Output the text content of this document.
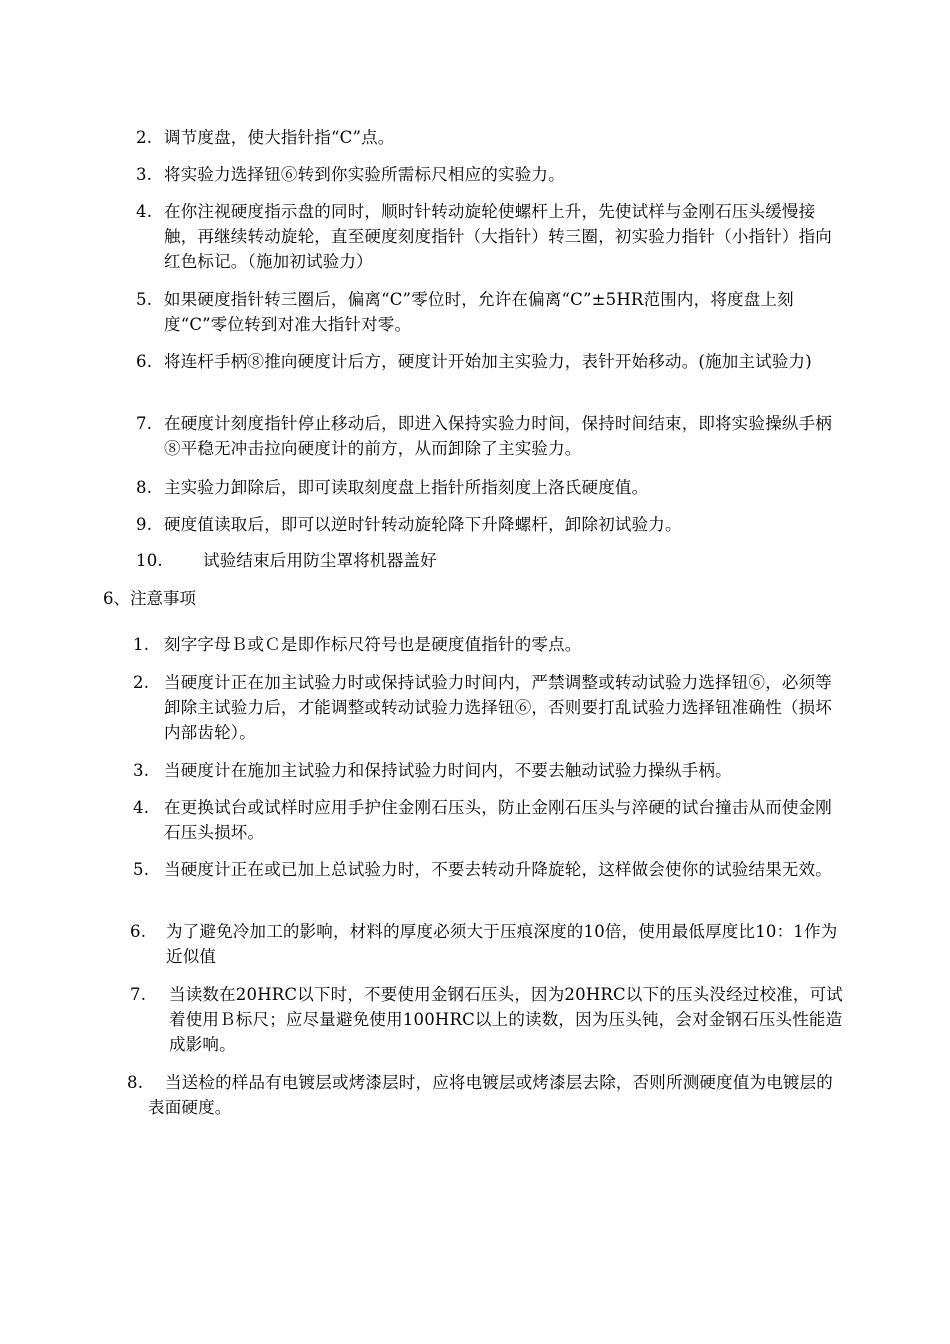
2. 调节度盘，使大指针指“C”点。
3. 将实验力选择钮⑥转到你实验所需标尺相应的实验力。
4. 在你注视硬度指示盘的同时，顺时针转动旋轮使螺杆上升，先使试样与金刚石压头缓慢接触，再继续转动旋轮，直至硬度刻度指针（大指针）转三圈，初实验力指针（小指针）指向红色标记。（施加初试验力）
5. 如果硬度指针转三圈后，偏离“C”零位时，允许在偏离“C”±5HR范围内，将度盘上刻度“C”零位转到对准大指针对零。
6. 将连杆手柄⑧推向硬度计后方，硬度计开始加主实验力，表针开始移动。(施加主试验力)
7. 在硬度计刻度指针停止移动后，即进入保持实验力时间，保持时间结束，即将实验操纵手柄⑧平稳无冲击拉向硬度计的前方，从而卸除了主实验力。
8. 主实验力卸除后，即可读取刻度盘上指针所指刻度上洛氏硬度值。
9. 硬度值读取后，即可以逆时针转动旋轮降下升降螺杆，卸除初试验力。
10. 试验结束后用防尘罩将机器盖好
6、注意事项
1. 刻字字母Ｂ或Ｃ是即作标尺符号也是硬度值指针的零点。
2. 当硬度计正在加主试验力时或保持试验力时间内，严禁调整或转动试验力选择钮⑥，必须等卸除主试验力后，才能调整或转动试验力选择钮⑥，否则要打乱试验力选择钮准确性（损坏内部齿轮）。
3. 当硬度计在施加主试验力和保持试验力时间内，不要去触动试验力操纵手柄。
4. 在更换试台或试样时应用手护住金刚石压头，防止金刚石压头与淬硬的试台撞击从而使金刚石压头损坏。
5. 当硬度计正在或已加上总试验力时，不要去转动升降旋轮，这样做会使你的试验结果无效。
6. 为了避免冷加工的影响，材料的厚度必须大于压痕深度的10倍，使用最低厚度比10：1作为近似值
7. 当读数在20HRC以下时，不要使用金钢石压头，因为20HRC以下的压头没经过校准，可试着使用Ｂ标尺；应尽量避免使用100HRC以上的读数，因为压头钝，会对金钢石压头性能造成影响。
8.	当送检的样品有电镀层或烤漆层时，应将电镀层或烤漆层去除，否则所测硬度值为电镀层的表面硬度。
